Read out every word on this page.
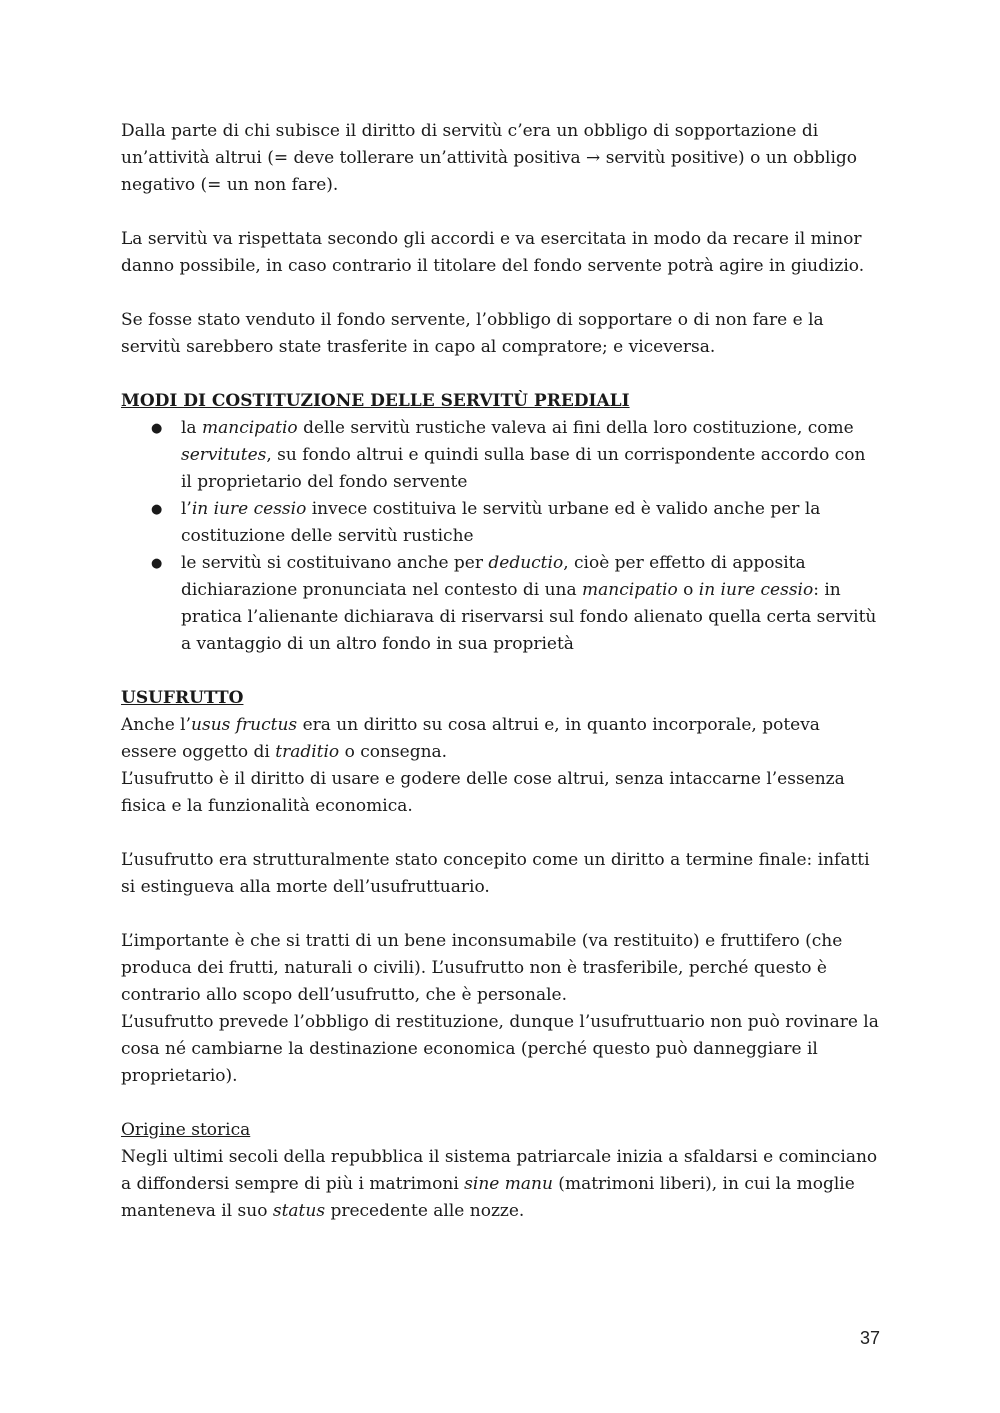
Dalla parte di chi subisce il diritto di servitù c’era un obbligo di sopportazione di un’attività altrui (= deve tollerare un’attività positiva → servitù positive) o un obbligo negativo (= un non fare).

La servitù va rispettata secondo gli accordi e va esercitata in modo da recare il minor danno possibile, in caso contrario il titolare del fondo servente potrà agire in giudizio.

Se fosse stato venduto il fondo servente, l’obbligo di sopportare o di non fare e la servitù sarebbero state trasferite in capo al compratore; e viceversa.

MODI DI COSTITUZIONE DELLE SERVITÙ PREDIALI

● la mancipatio delle servitù rustiche valeva ai fini della loro costituzione, come servitutes, su fondo altrui e quindi sulla base di un corrispondente accordo con il proprietario del fondo servente
● l’in iure cessio invece costituiva le servitù urbane ed è valido anche per la costituzione delle servitù rustiche
● le servitù si costituivano anche per deductio, cioè per effetto di apposita dichiarazione pronunciata nel contesto di una mancipatio o in iure cessio: in pratica l’alienante dichiarava di riservarsi sul fondo alienato quella certa servitù a vantaggio di un altro fondo in sua proprietà

USUFRUTTO

Anche l’usus fructus era un diritto su cosa altrui e, in quanto incorporale, poteva essere oggetto di traditio o consegna.

L’usufrutto è il diritto di usare e godere delle cose altrui, senza intaccarne l’essenza fisica e la funzionalità economica.

L’usufrutto era strutturalmente stato concepito come un diritto a termine finale: infatti si estingueva alla morte dell’usufruttuario.

L’importante è che si tratti di un bene inconsumabile (va restituito) e fruttifero (che produca dei frutti, naturali o civili). L’usufrutto non è trasferibile, perché questo è contrario allo scopo dell’usufrutto, che è personale.

L’usufrutto prevede l’obbligo di restituzione, dunque l’usufruttuario non può rovinare la cosa né cambiarne la destinazione economica (perché questo può danneggiare il proprietario).

Origine storica

Negli ultimi secoli della repubblica il sistema patriarcale inizia a sfaldarsi e cominciano a diffondersi sempre di più i matrimoni sine manu (matrimoni liberi), in cui la moglie manteneva il suo status precedente alle nozze.

37
